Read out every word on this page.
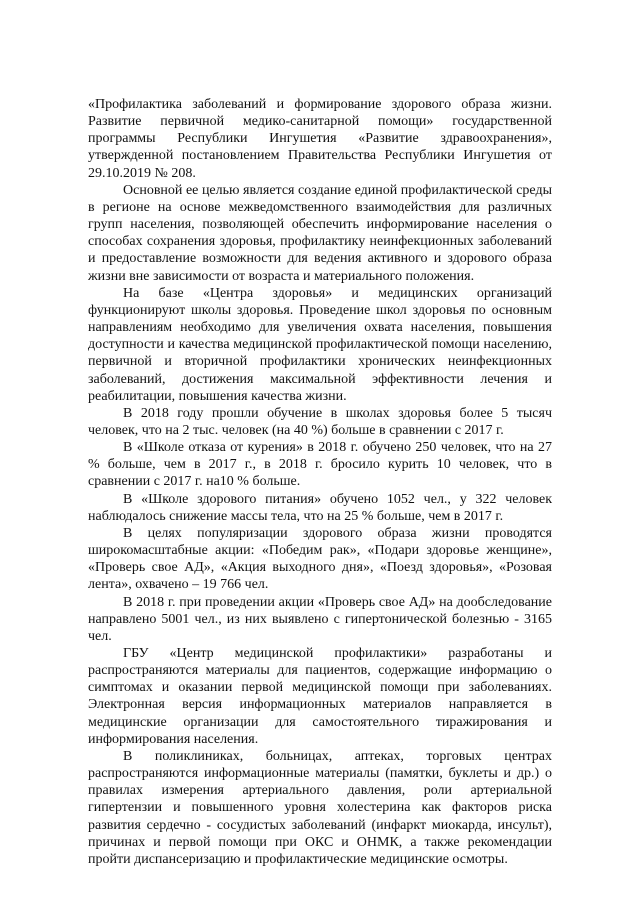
«Профилактика заболеваний и формирование здорового образа жизни. Развитие первичной медико-санитарной помощи» государственной программы Республики Ингушетия «Развитие здравоохранения», утвержденной постановлением Правительства Республики Ингушетия от 29.10.2019 № 208.

Основной ее целью является создание единой профилактической среды в регионе на основе межведомственного взаимодействия для различных групп населения, позволяющей обеспечить информирование населения о способах сохранения здоровья, профилактику неинфекционных заболеваний и предоставление возможности для ведения активного и здорового образа жизни вне зависимости от возраста и материального положения.

На базе «Центра здоровья» и медицинских организаций функционируют школы здоровья. Проведение школ здоровья по основным направлениям необходимо для увеличения охвата населения, повышения доступности и качества медицинской профилактической помощи населению, первичной и вторичной профилактики хронических неинфекционных заболеваний, достижения максимальной эффективности лечения и реабилитации, повышения качества жизни.

В 2018 году прошли обучение в школах здоровья более 5 тысяч человек, что на 2 тыс. человек (на 40 %) больше в сравнении с 2017 г.

В «Школе отказа от курения» в 2018 г. обучено 250 человек, что на 27 % больше, чем в 2017 г., в 2018 г. бросило курить 10 человек, что в сравнении с 2017 г. на10 % больше.

В «Школе здорового питания» обучено 1052 чел., у 322 человек наблюдалось снижение массы тела, что на 25 % больше, чем в 2017 г.

В целях популяризации здорового образа жизни проводятся широкомасштабные акции: «Победим рак», «Подари здоровье женщине», «Проверь свое АД», «Акция выходного дня», «Поезд здоровья», «Розовая лента», охвачено – 19 766 чел.

В 2018 г. при проведении акции «Проверь свое АД» на дообследование направлено 5001 чел., из них выявлено с гипертонической болезнью - 3165 чел.

ГБУ «Центр медицинской профилактики» разработаны и распространяются материалы для пациентов, содержащие информацию о симптомах и оказании первой медицинской помощи при заболеваниях. Электронная версия информационных материалов направляется в медицинские организации для самостоятельного тиражирования и информирования населения.

В поликлиниках, больницах, аптеках, торговых центрах распространяются информационные материалы (памятки, буклеты и др.) о правилах измерения артериального давления, роли артериальной гипертензии и повышенного уровня холестерина как факторов риска развития сердечно - сосудистых заболеваний (инфаркт миокарда, инсульт), причинах и первой помощи при ОКС и ОНМК, а также рекомендации пройти диспансеризацию и профилактические медицинские осмотры.
